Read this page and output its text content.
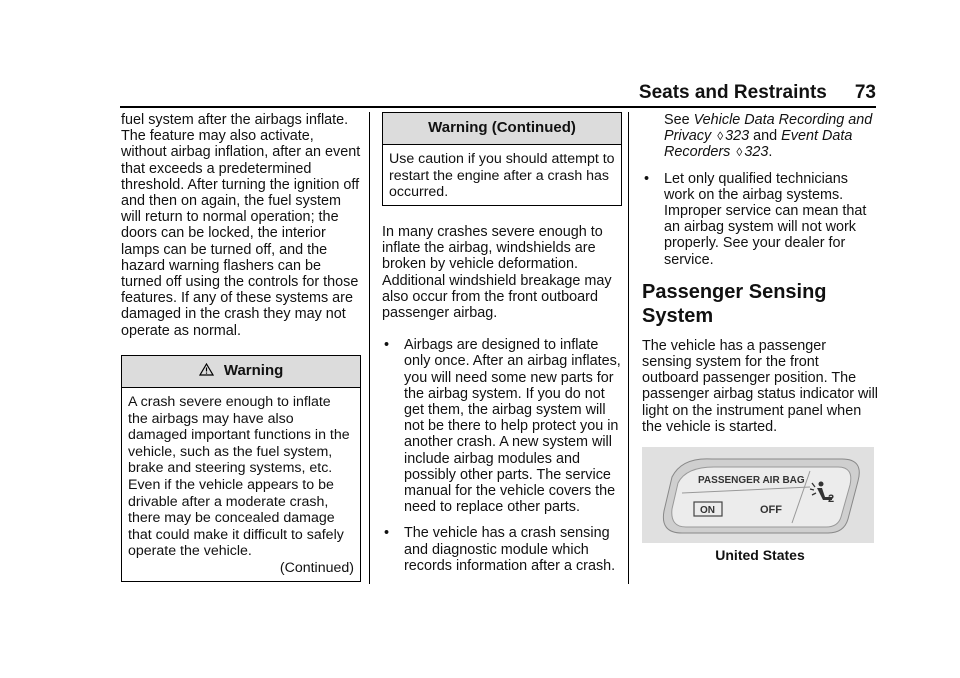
Seats and Restraints 73

fuel system after the airbags inflate. The feature may also activate, without airbag inflation, after an event that exceeds a predetermined threshold. After turning the ignition off and then on again, the fuel system will return to normal operation; the doors can be locked, the interior lamps can be turned off, and the hazard warning flashers can be turned off using the controls for those features. If any of these systems are damaged in the crash they may not operate as normal.

Warning

A crash severe enough to inflate the airbags may have also damaged important functions in the vehicle, such as the fuel system, brake and steering systems, etc. Even if the vehicle appears to be drivable after a moderate crash, there may be concealed damage that could make it difficult to safely operate the vehicle.

(Continued)

Warning (Continued)

Use caution if you should attempt to restart the engine after a crash has occurred.

In many crashes severe enough to inflate the airbag, windshields are broken by vehicle deformation. Additional windshield breakage may also occur from the front outboard passenger airbag.

• Airbags are designed to inflate only once. After an airbag inflates, you will need some new parts for the airbag system. If you do not get them, the airbag system will not be there to help protect you in another crash. A new system will include airbag modules and possibly other parts. The service manual for the vehicle covers the need to replace other parts.
• The vehicle has a crash sensing and diagnostic module which records information after a crash.

See Vehicle Data Recording and Privacy ◊ 323 and Event Data Recorders ◊ 323.

• Let only qualified technicians work on the airbag systems. Improper service can mean that an airbag system will not work properly. See your dealer for service.
Passenger Sensing System

The vehicle has a passenger sensing system for the front outboard passenger position. The passenger airbag status indicator will light on the instrument panel when the vehicle is started.

PASSENGER AIR BAG
ON	OFF
2
United States
